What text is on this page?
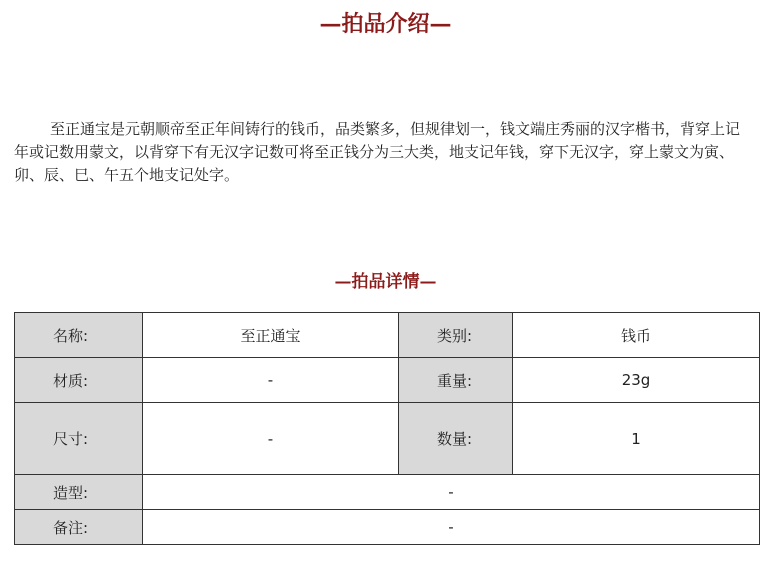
—拍品介绍—

至正通宝是元朝顺帝至正年间铸行的钱币，品类繁多，但规律划一，钱文端庄秀丽的汉字楷书，背穿上记年或记数用蒙文，以背穿下有无汉字记数可将至正钱分为三大类，地支记年钱，穿下无汉字，穿上蒙文为寅、卯、辰、巳、午五个地支记处字。

—拍品详情—
名称:	至正通宝	类别:	钱币
材质:	-	重量:	23g
尺寸:	-	数量:	1
造型:	-		
备注:	-		
